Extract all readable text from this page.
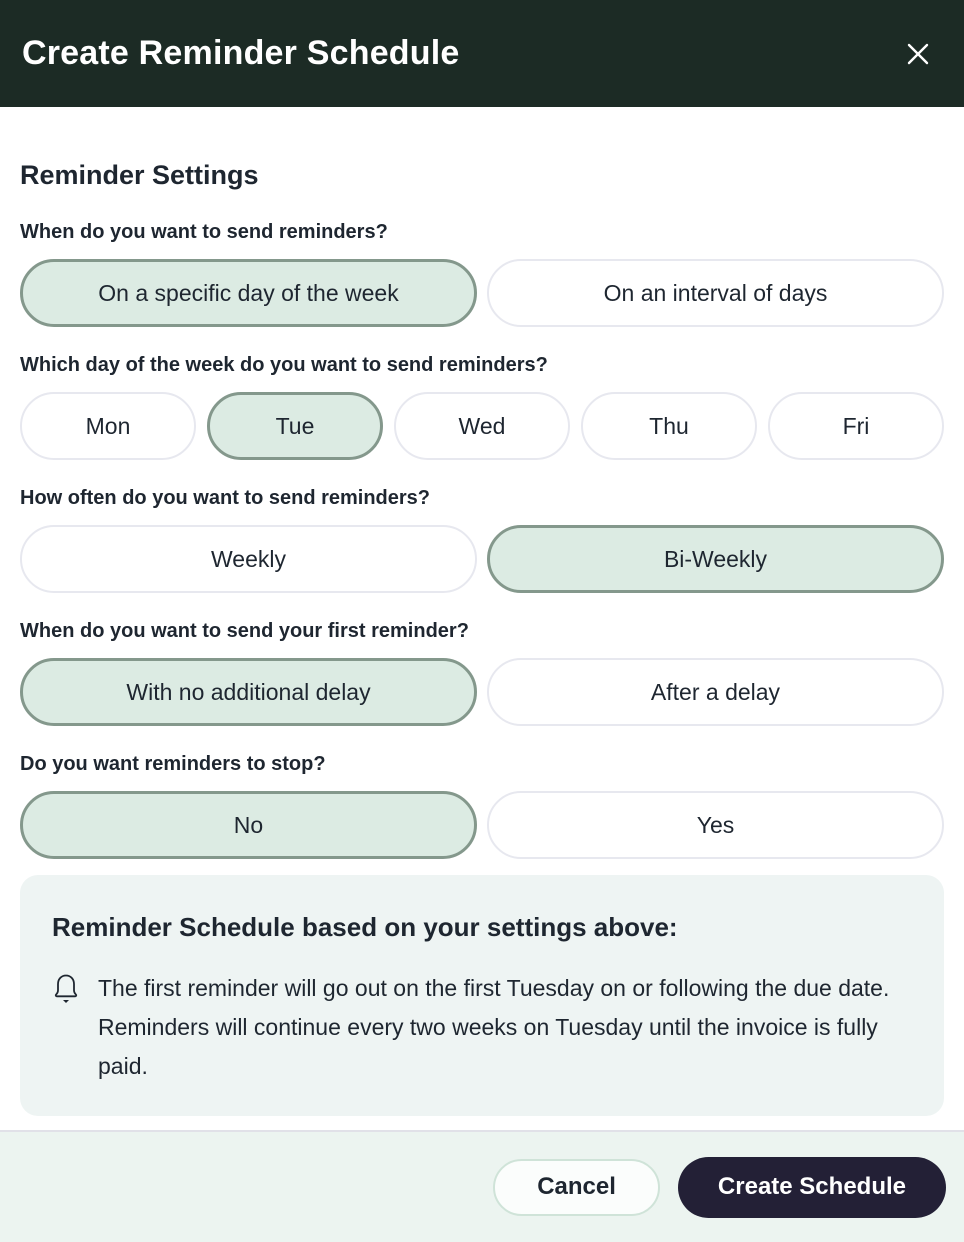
Create Reminder Schedule
Reminder Settings
When do you want to send reminders?
On a specific day of the week	On an interval of days
Which day of the week do you want to send reminders?
Mon	Tue	Wed	Thu	Fri
How often do you want to send reminders?
Weekly	Bi-Weekly
When do you want to send your first reminder?
With no additional delay	After a delay
Do you want reminders to stop?
No	Yes
Reminder Schedule based on your settings above:
The first reminder will go out on the first Tuesday on or following the due date. Reminders will continue every two weeks on Tuesday until the invoice is fully paid.
Cancel	Create Schedule
